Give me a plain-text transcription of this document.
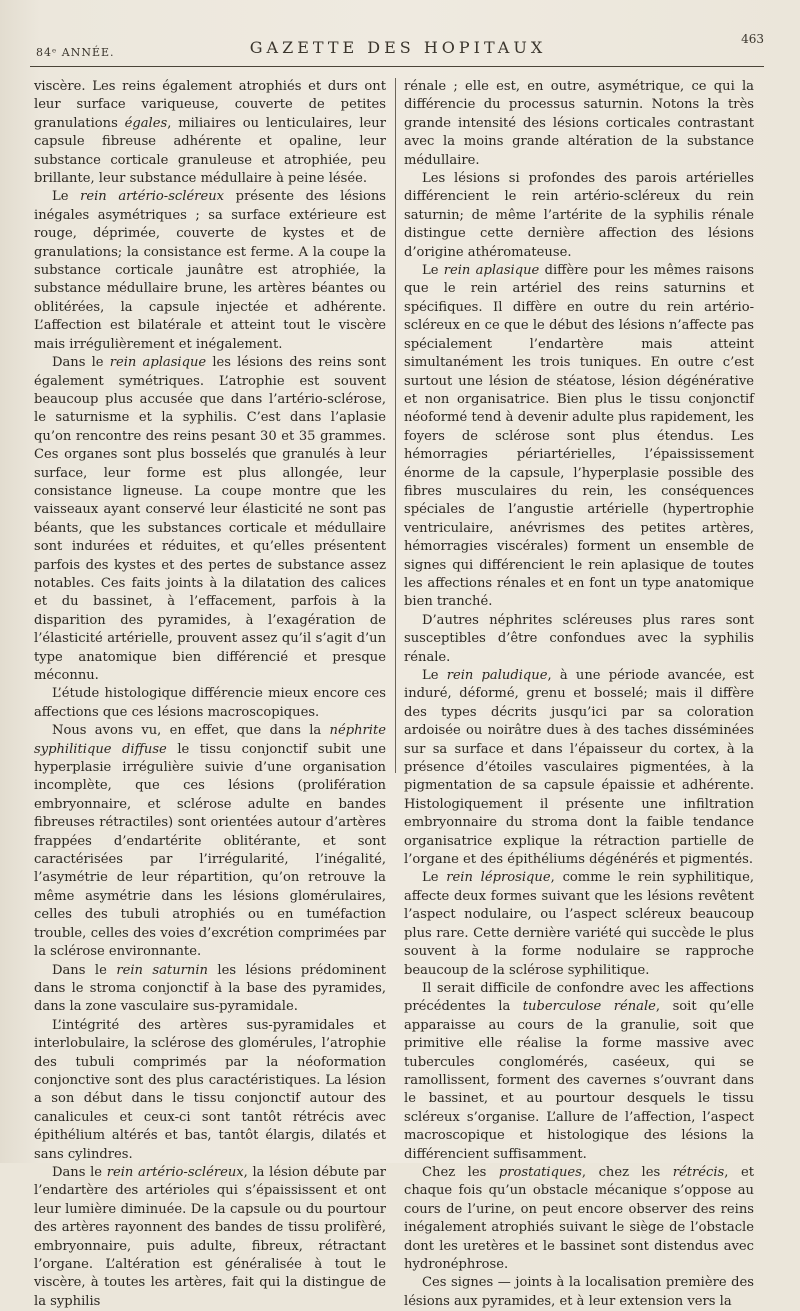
84ᵉ ANNÉE.	GAZETTE DES HOPITAUX	463

viscère. Les reins également atrophiés et durs ont leur surface variqueuse, couverte de petites granulations égales, miliaires ou lenticulaires, leur capsule fibreuse adhérente et opaline, leur substance corticale granuleuse et atrophiée, peu brillante, leur substance médullaire à peine lésée.

Le rein artério-scléreux présente des lésions inégales asymétriques ; sa surface extérieure est rouge, déprimée, couverte de kystes et de granulations; la consistance est ferme. A la coupe la substance corticale jaunâtre est atrophiée, la substance médullaire brune, les artères béantes ou oblitérées, la capsule injectée et adhérente. L’affection est bilatérale et atteint tout le viscère mais irrégulièrement et inégalement.

Dans le rein aplasique les lésions des reins sont également symétriques. L’atrophie est souvent beaucoup plus accusée que dans l’artério-sclérose, le saturnisme et la syphilis. C’est dans l’aplasie qu’on rencontre des reins pesant 30 et 35 grammes. Ces organes sont plus bosselés que granulés à leur surface, leur forme est plus allongée, leur consistance ligneuse. La coupe montre que les vaisseaux ayant conservé leur élasticité ne sont pas béants, que les substances corticale et médullaire sont indurées et réduites, et qu’elles présentent parfois des kystes et des pertes de substance assez notables. Ces faits joints à la dilatation des calices et du bassinet, à l’effacement, parfois à la disparition des pyramides, à l’exagération de l’élasticité artérielle, prouvent assez qu’il s’agit d’un type anatomique bien différencié et presque méconnu.

L’étude histologique différencie mieux encore ces affections que ces lésions macroscopiques.

Nous avons vu, en effet, que dans la néphrite syphilitique diffuse le tissu conjonctif subit une hyperplasie irrégulière suivie d’une organisation incomplète, que ces lésions (prolifération embryonnaire, et sclérose adulte en bandes fibreuses rétractiles) sont orientées autour d’artères frappées d’endartérite oblitérante, et sont caractérisées par l’irrégularité, l’inégalité, l’asymétrie de leur répartition, qu’on retrouve la même asymétrie dans les lésions glomérulaires, celles des tubuli atrophiés ou en tuméfaction trouble, celles des voies d’excrétion comprimées par la sclérose environnante.

Dans le rein saturnin les lésions prédominent dans le stroma conjonctif à la base des pyramides, dans la zone vasculaire sus-pyramidale.

L’intégrité des artères sus-pyramidales et interlobulaire, la sclérose des glomérules, l’atrophie des tubuli comprimés par la néoformation conjonctive sont des plus caractéristiques. La lésion a son début dans le tissu conjonctif autour des canalicules et ceux-ci sont tantôt rétrécis avec épithélium altérés et bas, tantôt élargis, dilatés et sans cylindres.

Dans le rein artério-scléreux, la lésion débute par l’endartère des artérioles qui s’épaississent et ont leur lumière diminuée. De la capsule ou du pourtour des artères rayonnent des bandes de tissu prolifèré, embryonnaire, puis adulte, fibreux, rétractant l’organe. L’altération est généralisée à tout le viscère, à toutes les artères, fait qui la distingue de la syphilis

rénale ; elle est, en outre, asymétrique, ce qui la différencie du processus saturnin. Notons la très grande intensité des lésions corticales contrastant avec la moins grande altération de la substance médullaire.

Les lésions si profondes des parois artérielles différencient le rein artério-scléreux du rein saturnin; de même l’artérite de la syphilis rénale distingue cette dernière affection des lésions d’origine athéromateuse.

Le rein aplasique diffère pour les mêmes raisons que le rein artériel des reins saturnins et spécifiques. Il diffère en outre du rein artério-scléreux en ce que le début des lésions n’affecte pas spécialement l’endartère mais atteint simultanément les trois tuniques. En outre c’est surtout une lésion de stéatose, lésion dégénérative et non organisatrice. Bien plus le tissu conjonctif néoformé tend à devenir adulte plus rapidement, les foyers de sclérose sont plus étendus. Les hémorragies périartérielles, l’épaississement énorme de la capsule, l’hyperplasie possible des fibres musculaires du rein, les conséquences spéciales de l’angustie artérielle (hypertrophie ventriculaire, anévrismes des petites artères, hémorragies viscérales) forment un ensemble de signes qui différencient le rein aplasique de toutes les affections rénales et en font un type anatomique bien tranché.

D’autres néphrites scléreuses plus rares sont susceptibles d’être confondues avec la syphilis rénale.

Le rein paludique, à une période avancée, est induré, déformé, grenu et bosselé; mais il diffère des types décrits jusqu’ici par sa coloration ardoisée ou noirâtre dues à des taches disséminées sur sa surface et dans l’épaisseur du cortex, à la présence d’étoiles vasculaires pigmentées, à la pigmentation de sa capsule épaissie et adhérente. Histologiquement il présente une infiltration embryonnaire du stroma dont la faible tendance organisatrice explique la rétraction partielle de l’organe et des épithéliums dégénérés et pigmentés.

Le rein léprosique, comme le rein syphilitique, affecte deux formes suivant que les lésions revêtent l’aspect nodulaire, ou l’aspect scléreux beaucoup plus rare. Cette dernière variété qui succède le plus souvent à la forme nodulaire se rapproche beaucoup de la sclérose syphilitique.

Il serait difficile de confondre avec les affections précédentes la tuberculose rénale, soit qu’elle apparaisse au cours de la granulie, soit que primitive elle réalise la forme massive avec tubercules conglomérés, caséeux, qui se ramollissent, forment des cavernes s’ouvrant dans le bassinet, et au pourtour desquels le tissu scléreux s’organise. L’allure de l’affection, l’aspect macroscopique et histologique des lésions la différencient suffisamment.

Chez les prostatiques, chez les rétrécis, et chaque fois qu’un obstacle mécanique s’oppose au cours de l’urine, on peut encore observer des reins inégalement atrophiés suivant le siège de l’obstacle dont les uretères et le bassinet sont distendus avec hydronéphrose.

Ces signes — joints à la localisation première des lésions aux pyramides, et à leur extension vers la
